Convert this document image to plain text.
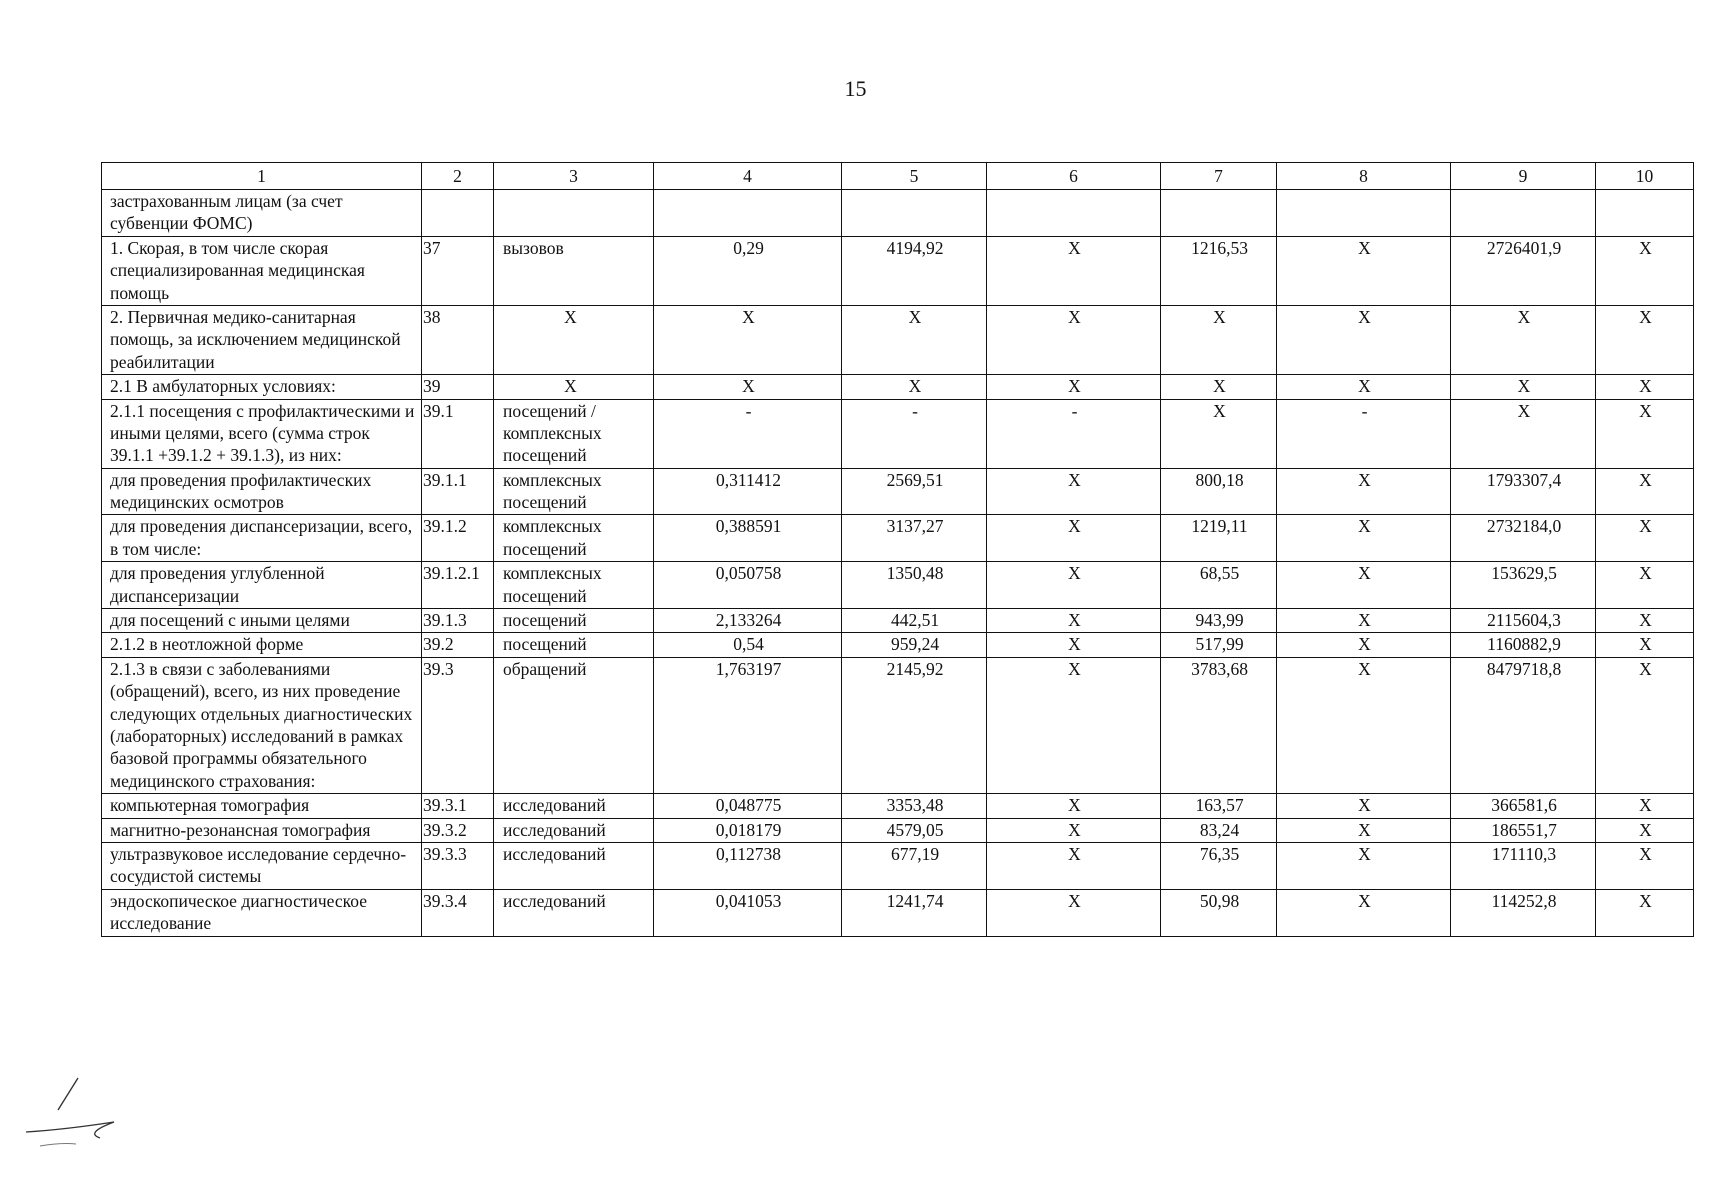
15
1	2	3	4	5	6	7	8	9	10
застрахованным лицам (за счет субвенции ФОМС)									
1. Скорая, в том числе скорая специализированная медицинская помощь	37	вызовов	0,29	4194,92	Х	1216,53	Х	2726401,9	Х
2. Первичная медико-санитарная помощь, за исключением медицинской реабилитации	38	Х	Х	Х	Х	Х	Х	Х	Х
2.1 В амбулаторных условиях:	39	Х	Х	Х	Х	Х	Х	Х	Х
2.1.1 посещения с профилактическими и иными целями, всего (сумма строк 39.1.1 +39.1.2 + 39.1.3), из них:	39.1	посещений / комплексных посещений	-	-	-	Х	-	Х	Х
для проведения профилактических медицинских осмотров	39.1.1	комплексных посещений	0,311412	2569,51	Х	800,18	Х	1793307,4	Х
для проведения диспансеризации, всего, в том числе:	39.1.2	комплексных посещений	0,388591	3137,27	Х	1219,11	Х	2732184,0	Х
для проведения углубленной диспансеризации	39.1.2.1	комплексных посещений	0,050758	1350,48	Х	68,55	Х	153629,5	Х
для посещений с иными целями	39.1.3	посещений	2,133264	442,51	Х	943,99	Х	2115604,3	Х
2.1.2 в неотложной форме	39.2	посещений	0,54	959,24	Х	517,99	Х	1160882,9	Х
2.1.3 в связи с заболеваниями (обращений), всего, из них проведение следующих отдельных диагностических (лабораторных) исследований в рамках базовой программы обязательного медицинского страхования:	39.3	обращений	1,763197	2145,92	Х	3783,68	Х	8479718,8	Х
компьютерная томография	39.3.1	исследований	0,048775	3353,48	Х	163,57	Х	366581,6	Х
магнитно-резонансная томография	39.3.2	исследований	0,018179	4579,05	Х	83,24	Х	186551,7	Х
ультразвуковое исследование сердечно-сосудистой системы	39.3.3	исследований	0,112738	677,19	Х	76,35	Х	171110,3	Х
эндоскопическое диагностическое исследование	39.3.4	исследований	0,041053	1241,74	Х	50,98	Х	114252,8	Х
